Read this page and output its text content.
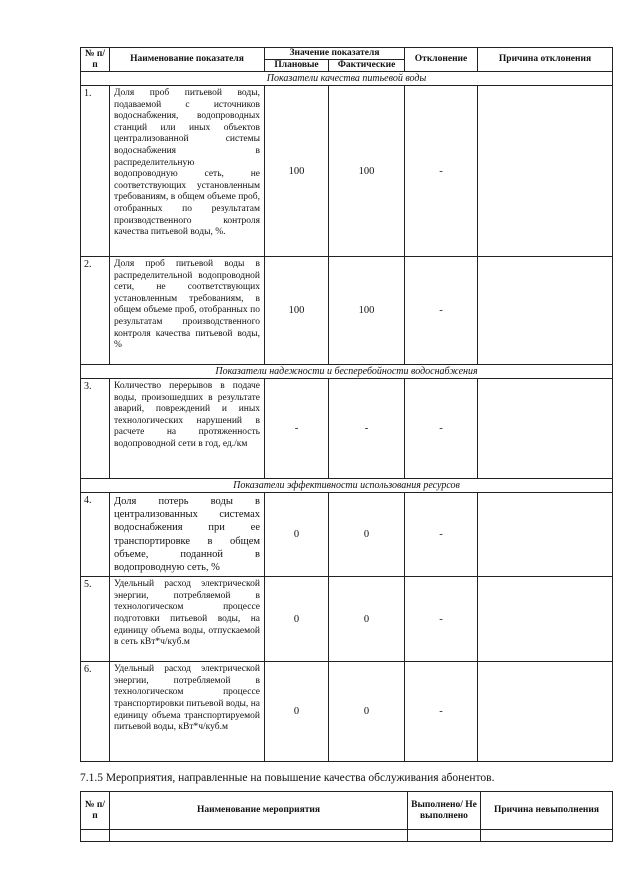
№ п/п	Наименование показателя	Значение показателя		Отклонение	Причина отклонения
		Плановые	Фактические		
Показатели качества питьевой воды					
1.	Доля проб питьевой воды, подаваемой с источников водоснабжения, водопроводных станций или иных объектов централизованной системы водоснабжения в распределительную водопроводную сеть, не соответствующих установленным требованиям, в общем объеме проб, отобранных по результатам производственного контроля качества питьевой воды, %.	100	100	-	
2.	Доля проб питьевой воды в распределительной водопроводной сети, не соответствующих установленным требованиям, в общем объеме проб, отобранных по результатам производственного контроля качества питьевой воды, %	100	100	-	
Показатели надежности и бесперебойности водоснабжения					
3.	Количество перерывов в подаче воды, произошедших в результате аварий, повреждений и иных технологических нарушений в расчете на протяженность водопроводной сети в год, ед./км	-	-	-	
Показатели эффективности использования ресурсов					
4.	Доля потерь воды в централизованных системах водоснабжения при ее транспортировке в общем объеме, поданной в водопроводную сеть, %	0	0	-	
5.	Удельный расход электрической энергии, потребляемой в технологическом процессе подготовки питьевой воды, на единицу объема воды, отпускаемой в сеть кВт*ч/куб.м	0	0	-	
6.	Удельный расход электрической энергии, потребляемой в технологическом процессе транспортировки питьевой воды, на единицу объема транспортируемой питьевой воды, кВт*ч/куб.м	0	0	-	

7.1.5 Мероприятия, направленные на повышение качества обслуживания абонентов.

№ п/п	Наименование мероприятия	Выполнено/ Не выполнено	Причина невыполнения
